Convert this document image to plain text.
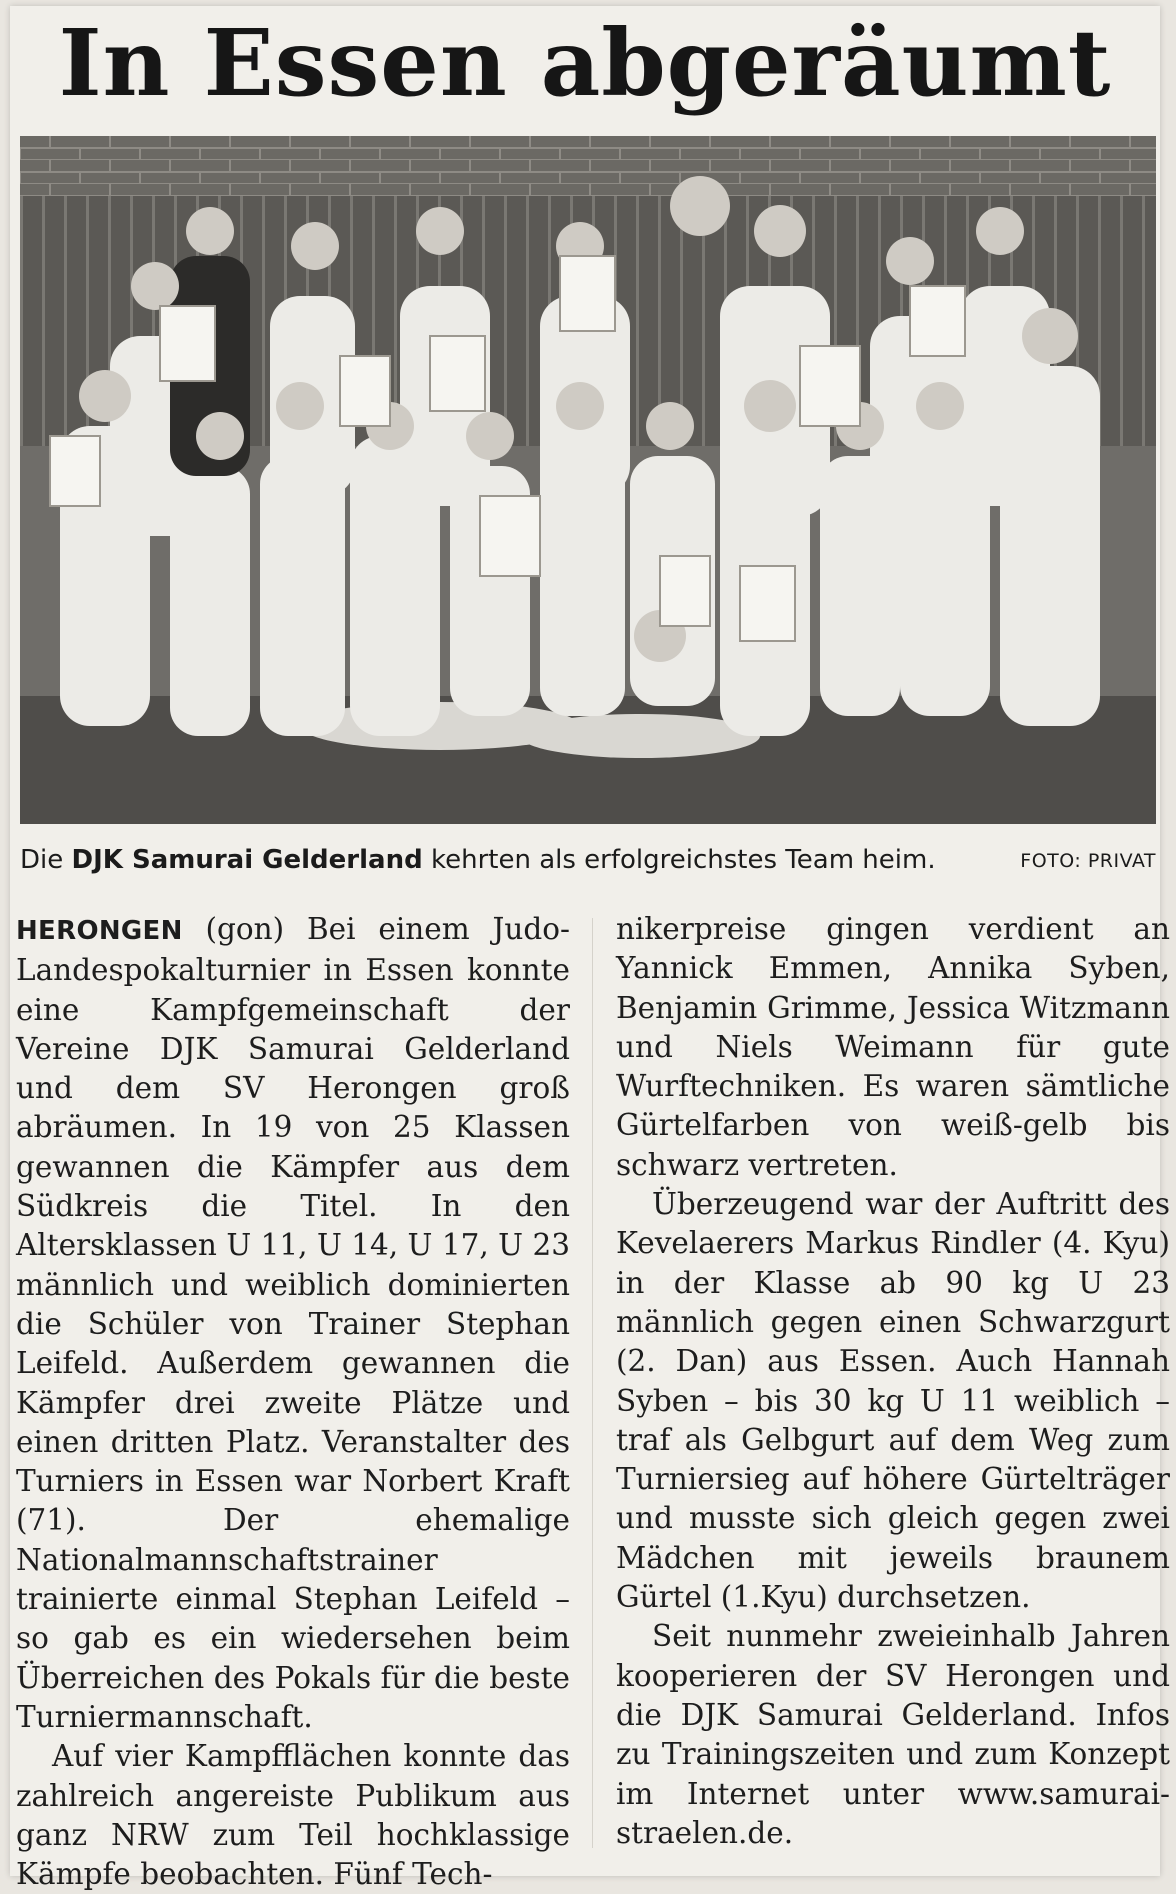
In Essen abgeräumt
Die DJK Samurai Gelderland kehrten als erfolgreichstes Team heim.	FOTO: PRIVAT

HERONGEN (gon) Bei einem Judo-Landespokalturnier in Essen konnte eine Kampfgemeinschaft der Vereine DJK Samurai Gelderland und dem SV Herongen groß abräumen. In 19 von 25 Klassen gewannen die Kämpfer aus dem Südkreis die Titel. In den Altersklassen U 11, U 14, U 17, U 23 männlich und weiblich dominierten die Schüler von Trainer Stephan Leifeld. Außerdem gewannen die Kämpfer drei zweite Plätze und einen dritten Platz. Veranstalter des Turniers in Essen war Norbert Kraft (71). Der ehemalige Nationalmannschaftstrainer trainierte einmal Stephan Leifeld – so gab es ein wiedersehen beim Überreichen des Pokals für die beste Turniermannschaft.

Auf vier Kampfflächen konnte das zahlreich angereiste Publikum aus ganz NRW zum Teil hochklassige Kämpfe beobachten. Fünf Tech-

nikerpreise gingen verdient an Yannick Emmen, Annika Syben, Benjamin Grimme, Jessica Witzmann und Niels Weimann für gute Wurftechniken. Es waren sämtliche Gürtelfarben von weiß-gelb bis schwarz vertreten.

Überzeugend war der Auftritt des Kevelaerers Markus Rindler (4. Kyu) in der Klasse ab 90 kg U 23 männlich gegen einen Schwarzgurt (2. Dan) aus Essen. Auch Hannah Syben – bis 30 kg U 11 weiblich – traf als Gelbgurt auf dem Weg zum Turniersieg auf höhere Gürtelträger und musste sich gleich gegen zwei Mädchen mit jeweils braunem Gürtel (1.Kyu) durchsetzen.

Seit nunmehr zweieinhalb Jahren kooperieren der SV Herongen und die DJK Samurai Gelderland. Infos zu Trainingszeiten und zum Konzept im Internet unter www.samurai-straelen.de.
